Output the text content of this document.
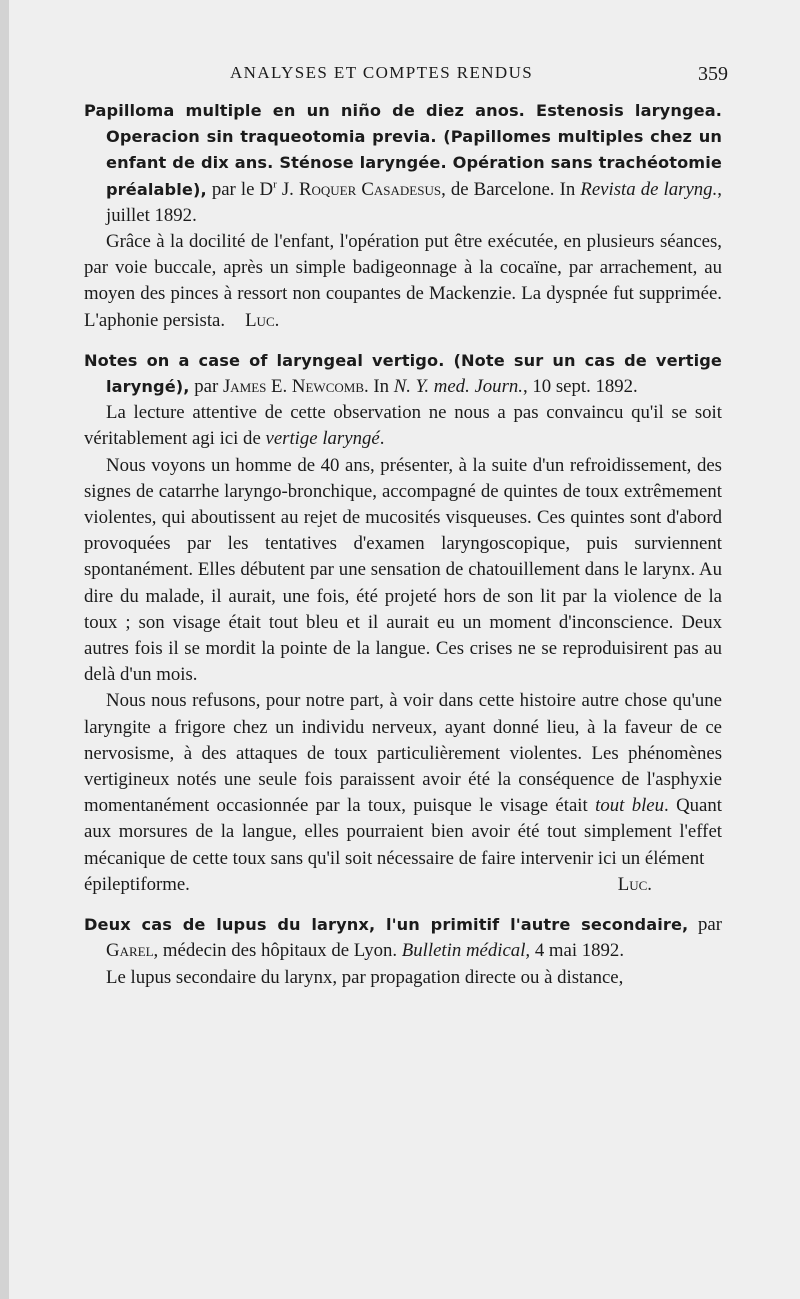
ANALYSES ET COMPTES RENDUS	359
Papilloma multiple en un niño de diez anos. Estenosis laryngea. Operacion sin traqueotomia previa. (Papillomes multiples chez un enfant de dix ans. Sténose laryngée. Opération sans trachéotomie préalable), par le $D^r$ J. Roquer Casadesus, de Barcelone. In Revista de laryng., juillet 1892.

Grâce à la docilité de l'enfant, l'opération put être exécutée, en plusieurs séances, par voie buccale, après un simple badigeonnage à la cocaïne, par arrachement, au moyen des pinces à ressort non coupantes de Mackenzie. La dyspnée fut supprimée. L'aphonie persista. Luc.

Notes on a case of laryngeal vertigo. (Note sur un cas de vertige laryngé), par James E. Newcomb. In N. Y. med. Journ., 10 sept. 1892.

La lecture attentive de cette observation ne nous a pas convaincu qu'il se soit véritablement agi ici de vertige laryngé.

Nous voyons un homme de 40 ans, présenter, à la suite d'un refroidissement, des signes de catarrhe laryngo-bronchique, accompagné de quintes de toux extrêmement violentes, qui aboutissent au rejet de mucosités visqueuses. Ces quintes sont d'abord provoquées par les tentatives d'examen laryngoscopique, puis surviennent spontanément. Elles débutent par une sensation de chatouillement dans le larynx. Au dire du malade, il aurait, une fois, été projeté hors de son lit par la violence de la toux ; son visage était tout bleu et il aurait eu un moment d'inconscience. Deux autres fois il se mordit la pointe de la langue. Ces crises ne se reproduisirent pas au delà d'un mois.

Nous nous refusons, pour notre part, à voir dans cette histoire autre chose qu'une laryngite a frigore chez un individu nerveux, ayant donné lieu, à la faveur de ce nervosisme, à des attaques de toux particulièrement violentes. Les phénomènes vertigineux notés une seule fois paraissent avoir été la conséquence de l'asphyxie momentanément occasionnée par la toux, puisque le visage était tout bleu. Quant aux morsures de la langue, elles pourraient bien avoir été tout simplement l'effet mécanique de cette toux sans qu'il soit nécessaire de faire intervenir ici un élément

épileptiforme.	Luc.
Deux cas de lupus du larynx, l'un primitif l'autre secondaire, par Garel, médecin des hôpitaux de Lyon. Bulletin médical, 4 mai 1892.

Le lupus secondaire du larynx, par propagation directe ou à distance,
